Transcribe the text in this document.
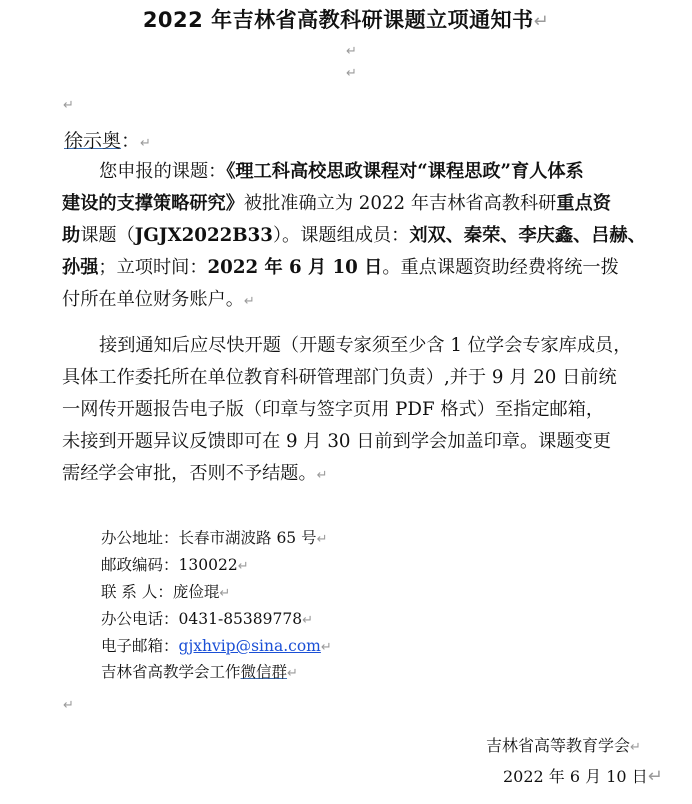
2022 年吉林省高教科研课题立项通知书↵
↵
↵
↵
徐示奥：↵
您申报的课题：《理工科高校思政课程对“课程思政”育人体系
建设的支撑策略研究》被批准确立为 2022 年吉林省高教科研重点资
助课题（JGJX2022B33）。课题组成员：刘双、秦荣、李庆鑫、吕赫、
孙强；立项时间：2022 年 6 月 10 日。重点课题资助经费将统一拨
付所在单位财务账户。↵
接到通知后应尽快开题（开题专家须至少含 1 位学会专家库成员，
具体工作委托所在单位教育科研管理部门负责）,并于 9 月 20 日前统
一网传开题报告电子版（印章与签字页用 PDF 格式）至指定邮箱，
未接到开题异议反馈即可在 9 月 30 日前到学会加盖印章。课题变更
需经学会审批，否则不予结题。↵
办公地址：长春市湖波路 65 号↵
邮政编码：130022↵
联 系 人：庞俭琨↵
办公电话：0431-85389778↵
电子邮箱：gjxhvip@sina.com↵
吉林省高教学会工作微信群↵
↵
吉林省高等教育学会↵
2022 年 6 月 10 日↵
